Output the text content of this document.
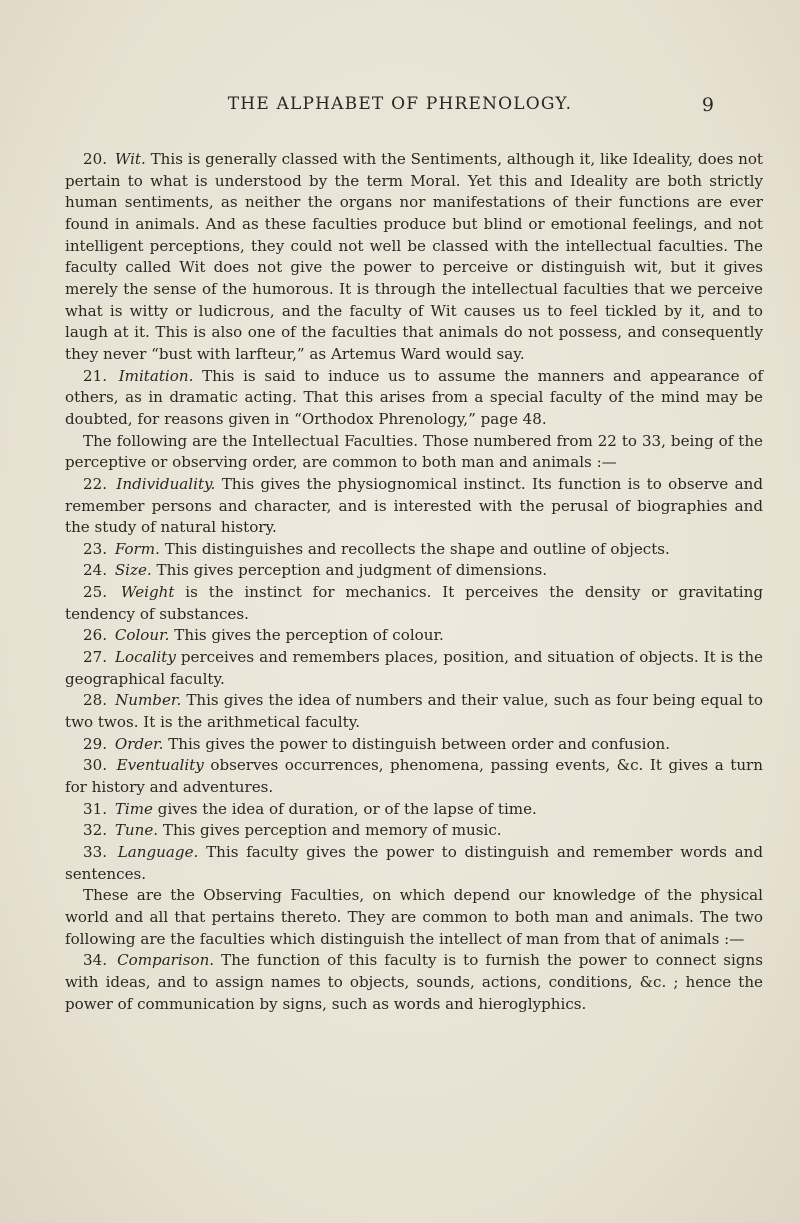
THE ALPHABET OF PHRENOLOGY.	9

20. Wit. This is generally classed with the Sentiments, although it, like Ideality, does not pertain to what is understood by the term Moral. Yet this and Ideality are both strictly human sentiments, as neither the organs nor manifestations of their functions are ever found in animals. And as these faculties produce but blind or emotional feelings, and not intelligent perceptions, they could not well be classed with the intellectual faculties. The faculty called Wit does not give the power to perceive or distinguish wit, but it gives merely the sense of the humorous. It is through the intellectual faculties that we perceive what is witty or ludicrous, and the faculty of Wit causes us to feel tickled by it, and to laugh at it. This is also one of the faculties that animals do not possess, and consequently they never “bust with larfteur,” as Artemus Ward would say.

21. Imitation. This is said to induce us to assume the manners and appearance of others, as in dramatic acting. That this arises from a special faculty of the mind may be doubted, for reasons given in “Orthodox Phrenology,” page 48.

The following are the Intellectual Faculties. Those numbered from 22 to 33, being of the perceptive or observing order, are common to both man and animals :—

22. Individuality. This gives the physiognomical instinct. Its function is to observe and remember persons and character, and is interested with the perusal of biographies and the study of natural history.

23. Form. This distinguishes and recollects the shape and outline of objects.

24. Size. This gives perception and judgment of dimensions.

25. Weight is the instinct for mechanics. It perceives the density or gravitating tendency of substances.

26. Colour. This gives the perception of colour.

27. Locality perceives and remembers places, position, and situation of objects. It is the geographical faculty.

28. Number. This gives the idea of numbers and their value, such as four being equal to two twos. It is the arithmetical faculty.

29. Order. This gives the power to distinguish between order and confusion.

30. Eventuality observes occurrences, phenomena, passing events, &c. It gives a turn for history and adventures.

31. Time gives the idea of duration, or of the lapse of time.

32. Tune. This gives perception and memory of music.

33. Language. This faculty gives the power to distinguish and remember words and sentences.

These are the Observing Faculties, on which depend our knowledge of the physical world and all that pertains thereto. They are common to both man and animals. The two following are the faculties which distinguish the intellect of man from that of animals :—

34. Comparison. The function of this faculty is to furnish the power to connect signs with ideas, and to assign names to objects, sounds, actions, conditions, &c. ; hence the power of communication by signs, such as words and hieroglyphics.
